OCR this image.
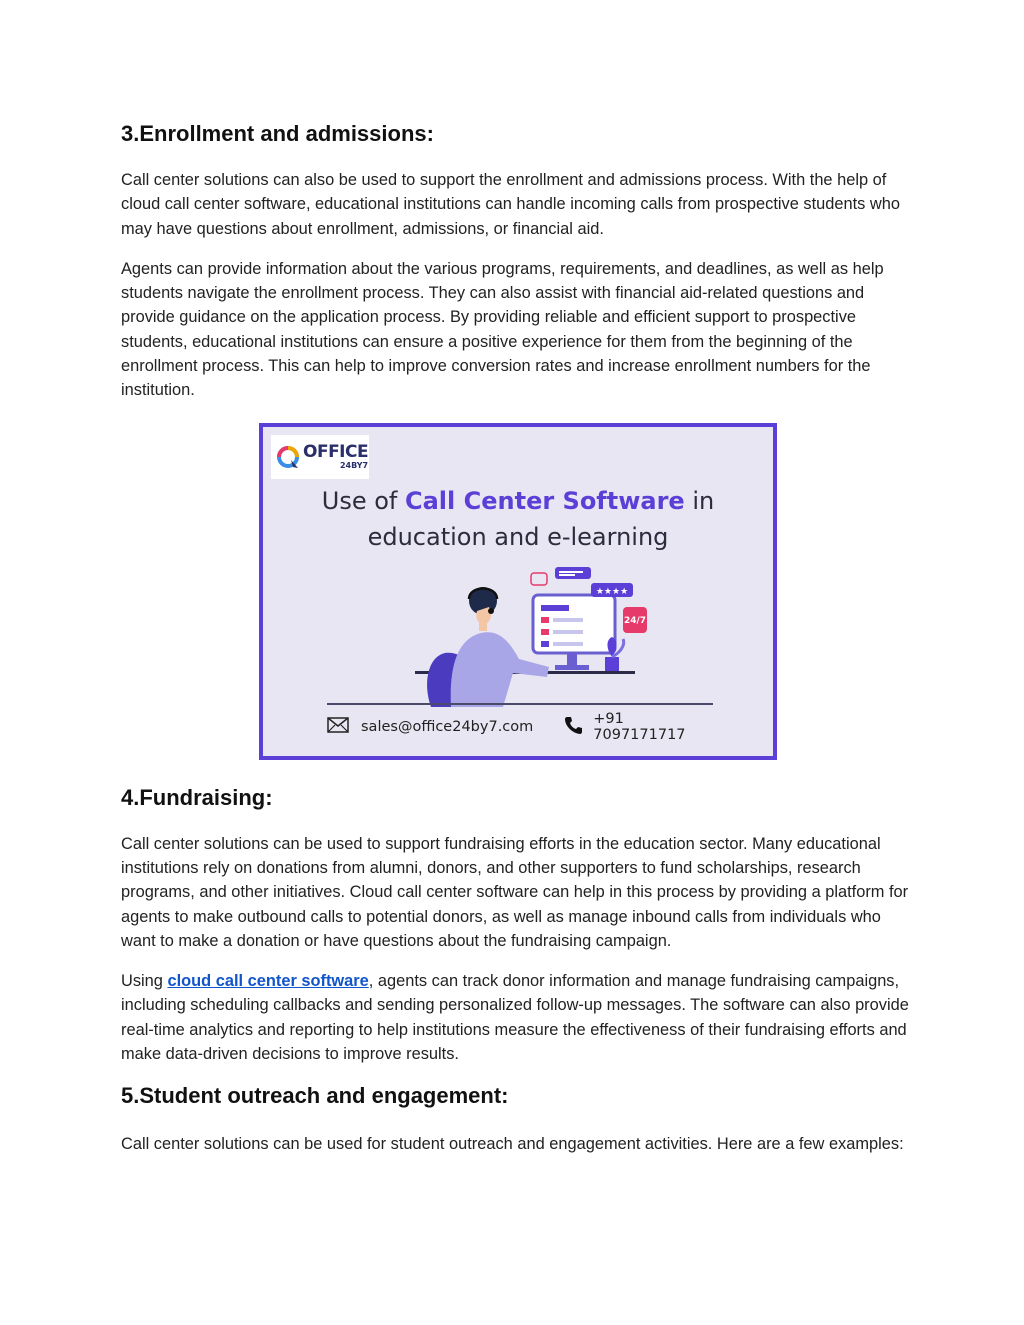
3.Enrollment and admissions:

Call center solutions can also be used to support the enrollment and admissions process. With the help of cloud call center software, educational institutions can handle incoming calls from prospective students who may have questions about enrollment, admissions, or financial aid.

Agents can provide information about the various programs, requirements, and deadlines, as well as help students navigate the enrollment process. They can also assist with financial aid-related questions and provide guidance on the application process. By providing reliable and efficient support to prospective students, educational institutions can ensure a positive experience for them from the beginning of the enrollment process. This can help to improve conversion rates and increase enrollment numbers for the institution.

OFFICE
24BY7
Use of Call Center Software in
education and e-learning
★★★★
24/7
sales@office24by7.com	+91 7097171717
4.Fundraising:

Call center solutions can be used to support fundraising efforts in the education sector. Many educational institutions rely on donations from alumni, donors, and other supporters to fund scholarships, research programs, and other initiatives. Cloud call center software can help in this process by providing a platform for agents to make outbound calls to potential donors, as well as manage inbound calls from individuals who want to make a donation or have questions about the fundraising campaign.

Using cloud call center software, agents can track donor information and manage fundraising campaigns, including scheduling callbacks and sending personalized follow-up messages. The software can also provide real-time analytics and reporting to help institutions measure the effectiveness of their fundraising efforts and make data-driven decisions to improve results.

5.Student outreach and engagement:

Call center solutions can be used for student outreach and engagement activities. Here are a few examples:
